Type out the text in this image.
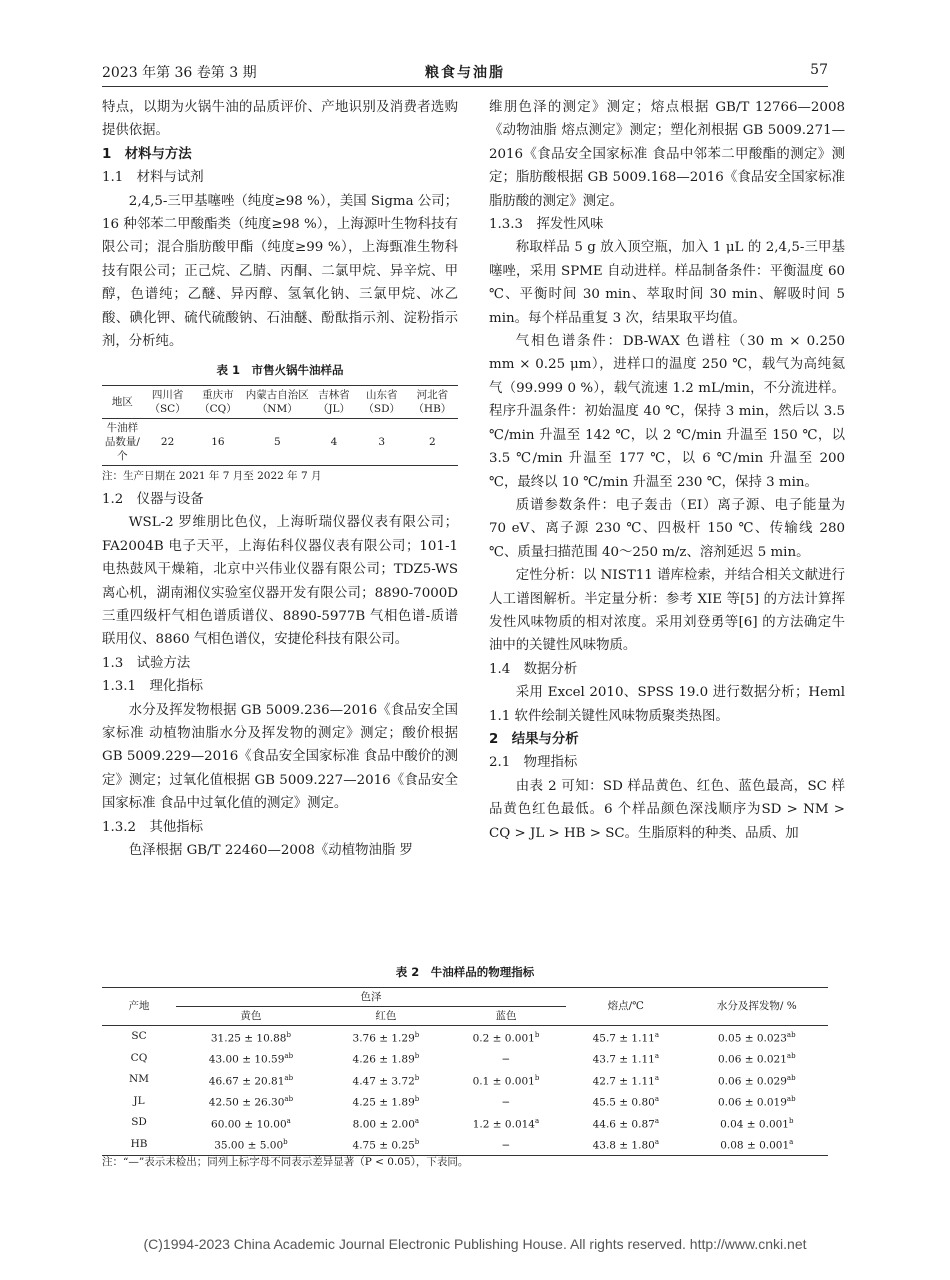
2023 年第 36 卷第 3 期	粮食与油脂	57

特点，以期为火锅牛油的品质评价、产地识别及消费者选购提供依据。

1　材料与方法

1.1　材料与试剂

2,4,5-三甲基噻唑（纯度≥98 %），美国 Sigma 公司；16 种邻苯二甲酸酯类（纯度≥98 %），上海源叶生物科技有限公司；混合脂肪酸甲酯（纯度≥99 %），上海甄准生物科技有限公司；正己烷、乙腈、丙酮、二氯甲烷、异辛烷、甲醇，色谱纯；乙醚、异丙醇、氢氧化钠、三氯甲烷、冰乙酸、碘化钾、硫代硫酸钠、石油醚、酚酞指示剂、淀粉指示剂，分析纯。

表 1　市售火锅牛油样品
地区	四川省（SC）	重庆市（CQ）	内蒙古自治区（NM）	吉林省（JL）	山东省（SD）	河北省（HB）
牛油样品数量/个	22	16	5	4	3	2
注：生产日期在 2021 年 7 月至 2022 年 7 月

1.2　仪器与设备

WSL-2 罗维朋比色仪，上海昕瑞仪器仪表有限公司；FA2004B 电子天平，上海佑科仪器仪表有限公司；101-1 电热鼓风干燥箱，北京中兴伟业仪器有限公司；TDZ5-WS 离心机，湖南湘仪实验室仪器开发有限公司；8890-7000D 三重四级杆气相色谱质谱仪、8890-5977B 气相色谱-质谱联用仪、8860 气相色谱仪，安捷伦科技有限公司。

1.3　试验方法

1.3.1　理化指标

水分及挥发物根据 GB 5009.236—2016《食品安全国家标准 动植物油脂水分及挥发物的测定》测定；酸价根据 GB 5009.229—2016《食品安全国家标准 食品中酸价的测定》测定；过氧化值根据 GB 5009.227—2016《食品安全国家标准 食品中过氧化值的测定》测定。

1.3.2　其他指标

色泽根据 GB/T 22460—2008《动植物油脂 罗

维朋色泽的测定》测定；熔点根据 GB/T 12766—2008《动物油脂 熔点测定》测定；塑化剂根据 GB 5009.271—2016《食品安全国家标准 食品中邻苯二甲酸酯的测定》测定；脂肪酸根据 GB 5009.168—2016《食品安全国家标准 脂肪酸的测定》测定。

1.3.3　挥发性风味

称取样品 5 g 放入顶空瓶，加入 1 μL 的 2,4,5-三甲基噻唑，采用 SPME 自动进样。样品制备条件：平衡温度 60 ℃、平衡时间 30 min、萃取时间 30 min、解吸时间 5 min。每个样品重复 3 次，结果取平均值。

气相色谱条件：DB-WAX 色谱柱（30 m × 0.250 mm × 0.25 μm），进样口的温度 250 ℃，载气为高纯氦气（99.999 0 %），载气流速 1.2 mL/min，不分流进样。程序升温条件：初始温度 40 ℃，保持 3 min，然后以 3.5 ℃/min 升温至 142 ℃，以 2 ℃/min 升温至 150 ℃，以 3.5 ℃/min 升温至 177 ℃，以 6 ℃/min 升温至 200 ℃，最终以 10 ℃/min 升温至 230 ℃，保持 3 min。

质谱参数条件：电子轰击（EI）离子源、电子能量为 70 eV、离子源 230 ℃、四极杆 150 ℃、传输线 280 ℃、质量扫描范围 40～250 m/z、溶剂延迟 5 min。

定性分析：以 NIST11 谱库检索，并结合相关文献进行人工谱图解析。半定量分析：参考 XIE 等[5] 的方法计算挥发性风味物质的相对浓度。采用刘登勇等[6] 的方法确定牛油中的关键性风味物质。

1.4　数据分析

采用 Excel 2010、SPSS 19.0 进行数据分析；Heml 1.1 软件绘制关键性风味物质聚类热图。

2　结果与分析

2.1　物理指标

由表 2 可知：SD 样品黄色、红色、蓝色最高，SC 样品黄色红色最低。6 个样品颜色深浅顺序为SD > NM > CQ > JL > HB > SC。生脂原料的种类、品质、加

表 2　牛油样品的物理指标
产地	色泽			熔点/℃	水分及挥发物/ %
	黄色	红色	蓝色		
SC	31.25 ± 10.88$^b$	3.76 ± 1.29$^b$	0.2 ± 0.001$^b$	45.7 ± 1.11$^a$	0.05 ± 0.023$^{ab}$
CQ	43.00 ± 10.59$^{ab}$	4.26 ± 1.89$^b$	−	43.7 ± 1.11$^a$	0.06 ± 0.021$^{ab}$
NM	46.67 ± 20.81$^{ab}$	4.47 ± 3.72$^b$	0.1 ± 0.001$^b$	42.7 ± 1.11$^a$	0.06 ± 0.029$^{ab}$
JL	42.50 ± 26.30$^{ab}$	4.25 ± 1.89$^b$	−	45.5 ± 0.80$^a$	0.06 ± 0.019$^{ab}$
SD	60.00 ± 10.00$^a$	8.00 ± 2.00$^a$	1.2 ± 0.014$^a$	44.6 ± 0.87$^a$	0.04 ± 0.001$^b$
HB	35.00 ± 5.00$^b$	4.75 ± 0.25$^b$	−	43.8 ± 1.80$^a$	0.08 ± 0.001$^a$
注：“—”表示未检出；同列上标字母不同表示差异显著（P < 0.05），下表同。
(C)1994-2023 China Academic Journal Electronic Publishing House. All rights reserved. http://www.cnki.net
